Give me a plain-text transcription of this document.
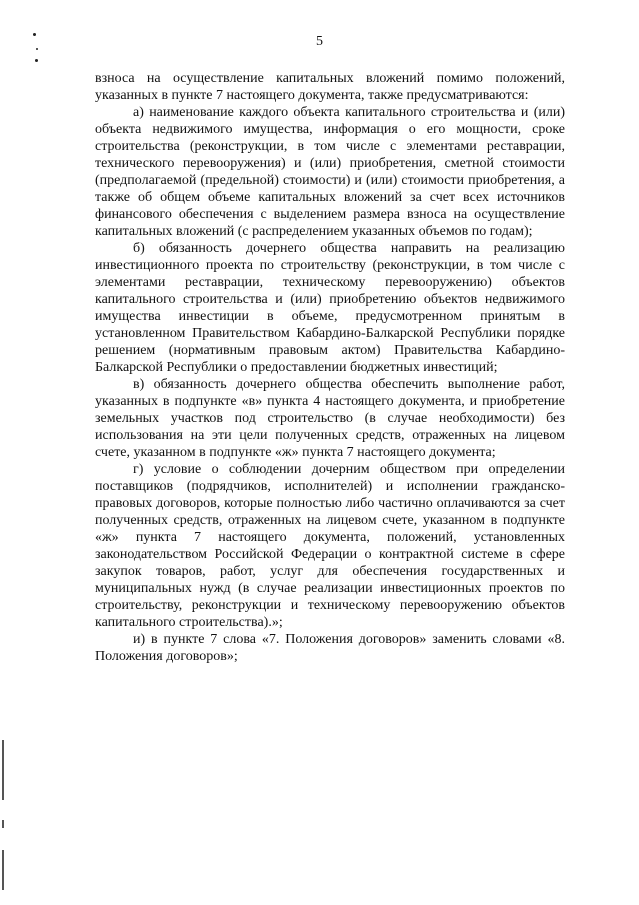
5

взноса на осуществление капитальных вложений помимо положений, указанных в пункте 7 настоящего документа, также предусматриваются:

а) наименование каждого объекта капитального строительства и (или) объекта недвижимого имущества, информация о его мощности, сроке строительства (реконструкции, в том числе с элементами реставрации, технического перевооружения) и (или) приобретения, сметной стоимости (предполагаемой (предельной) стоимости) и (или) стоимости приобретения, а также об общем объеме капитальных вложений за счет всех источников финансового обеспечения с выделением размера взноса на осуществление капитальных вложений (с распределением указанных объемов по годам);

б) обязанность дочернего общества направить на реализацию инвестиционного проекта по строительству (реконструкции, в том числе с элементами реставрации, техническому перевооружению) объектов капитального строительства и (или) приобретению объектов недвижимого имущества инвестиции в объеме, предусмотренном принятым в установленном Правительством Кабардино-Балкарской Республики порядке решением (нормативным правовым актом) Правительства Кабардино-Балкарской Республики о предоставлении бюджетных инвестиций;

в) обязанность дочернего общества обеспечить выполнение работ, указанных в подпункте «в» пункта 4 настоящего документа, и приобретение земельных участков под строительство (в случае необходимости) без использования на эти цели полученных средств, отраженных на лицевом счете, указанном в подпункте «ж» пункта 7 настоящего документа;

г) условие о соблюдении дочерним обществом при определении поставщиков (подрядчиков, исполнителей) и исполнении гражданско-правовых договоров, которые полностью либо частично оплачиваются за счет полученных средств, отраженных на лицевом счете, указанном в подпункте «ж» пункта 7 настоящего документа, положений, установленных законодательством Российской Федерации о контрактной системе в сфере закупок товаров, работ, услуг для обеспечения государственных и муниципальных нужд (в случае реализации инвестиционных проектов по строительству, реконструкции и техническому перевооружению объектов капитального строительства).»;

и) в пункте 7 слова «7. Положения договоров» заменить словами «8. Положения договоров»;
